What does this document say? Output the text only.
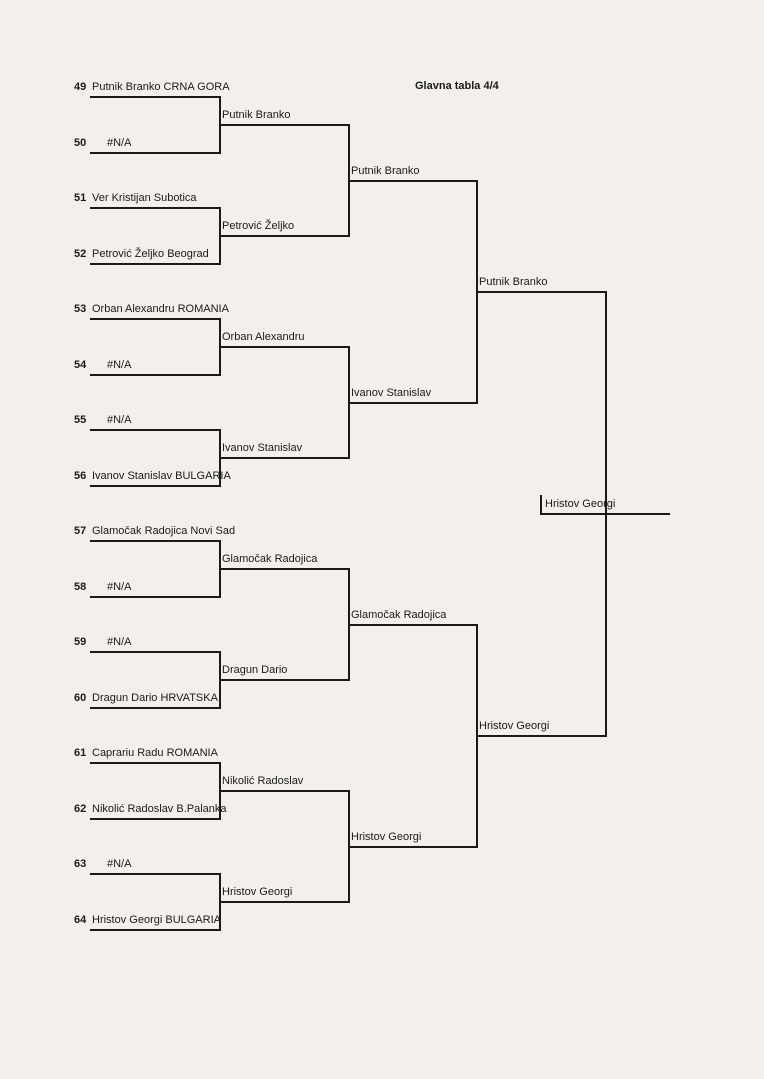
Glavna tabla 4/4
49 Putnik Branko CRNA GORA
50 #N/A
51 Ver Kristijan Subotica
52 Petrović Željko Beograd
53 Orban Alexandru ROMANIA
54 #N/A
55 #N/A
56 Ivanov Stanislav BULGARIA
57 Glamočak Radojica Novi Sad
58 #N/A
59 #N/A
60 Dragun Dario HRVATSKA
61 Caprariu Radu ROMANIA
62 Nikolić Radoslav B.Palanka
63 #N/A
64 Hristov Georgi BULGARIA
Putnik Branko
Petrović Željko
Orban Alexandru
Ivanov Stanislav
Glamočak Radojica
Dragun Dario
Nikolić Radoslav
Hristov Georgi
Putnik Branko
Ivanov Stanislav
Glamočak Radojica
Hristov Georgi
Putnik Branko
Hristov Georgi
Hristov Georgi
